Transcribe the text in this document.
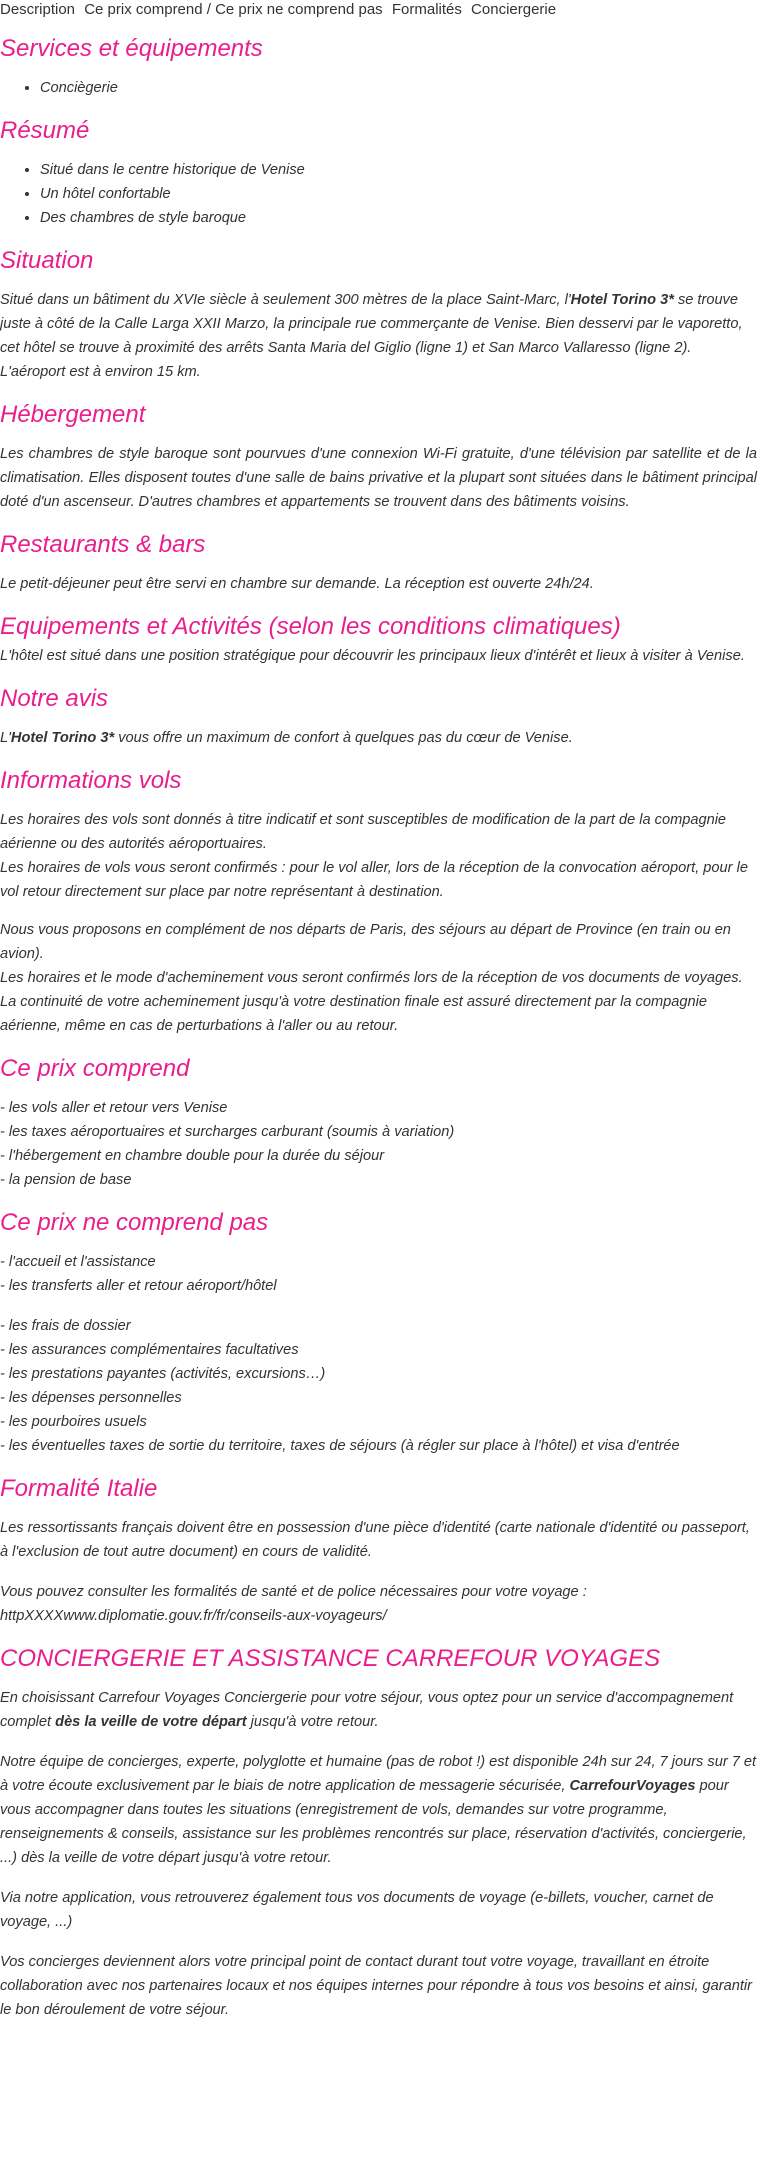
Description Ce prix comprend / Ce prix ne comprend pas Formalités Conciergerie
Services et équipements
• Conciègerie
Résumé
• Situé dans le centre historique de Venise
• Un hôtel confortable
• Des chambres de style baroque
Situation

Situé dans un bâtiment du XVIe siècle à seulement 300 mètres de la place Saint-Marc, l'Hotel Torino 3* se trouve juste à côté de la Calle Larga XXII Marzo, la principale rue commerçante de Venise. Bien desservi par le vaporetto, cet hôtel se trouve à proximité des arrêts Santa Maria del Giglio (ligne 1) et San Marco Vallaresso (ligne 2). L'aéroport est à environ 15 km.

Hébergement

Les chambres de style baroque sont pourvues d'une connexion Wi-Fi gratuite, d'une télévision par satellite et de la climatisation. Elles disposent toutes d'une salle de bains privative et la plupart sont situées dans le bâtiment principal doté d'un ascenseur. D'autres chambres et appartements se trouvent dans des bâtiments voisins.

Restaurants & bars

Le petit-déjeuner peut être servi en chambre sur demande. La réception est ouverte 24h/24.

Equipements et Activités (selon les conditions climatiques)

L'hôtel est situé dans une position stratégique pour découvrir les principaux lieux d'intérêt et lieux à visiter à Venise.

Notre avis

L'Hotel Torino 3* vous offre un maximum de confort à quelques pas du cœur de Venise.

Informations vols

Les horaires des vols sont donnés à titre indicatif et sont susceptibles de modification de la part de la compagnie aérienne ou des autorités aéroportuaires.
Les horaires de vols vous seront confirmés : pour le vol aller, lors de la réception de la convocation aéroport, pour le vol retour directement sur place par notre représentant à destination.

Nous vous proposons en complément de nos départs de Paris, des séjours au départ de Province (en train ou en avion).
Les horaires et le mode d'acheminement vous seront confirmés lors de la réception de vos documents de voyages.
La continuité de votre acheminement jusqu'à votre destination finale est assuré directement par la compagnie aérienne, même en cas de perturbations à l'aller ou au retour.

Ce prix comprend

- les vols aller et retour vers Venise
- les taxes aéroportuaires et surcharges carburant (soumis à variation)
- l'hébergement en chambre double pour la durée du séjour
- la pension de base

Ce prix ne comprend pas

- l'accueil et l'assistance
- les transferts aller et retour aéroport/hôtel

- les frais de dossier
- les assurances complémentaires facultatives
- les prestations payantes (activités, excursions…)
- les dépenses personnelles
- les pourboires usuels
- les éventuelles taxes de sortie du territoire, taxes de séjours (à régler sur place à l'hôtel) et visa d'entrée

Formalité Italie

Les ressortissants français doivent être en possession d'une pièce d'identité (carte nationale d'identité ou passeport, à l'exclusion de tout autre document) en cours de validité.

Vous pouvez consulter les formalités de santé et de police nécessaires pour votre voyage :
httpXXXXwww.diplomatie.gouv.fr/fr/conseils-aux-voyageurs/

CONCIERGERIE ET ASSISTANCE CARREFOUR VOYAGES

En choisissant Carrefour Voyages Conciergerie pour votre séjour, vous optez pour un service d'accompagnement complet dès la veille de votre départ jusqu'à votre retour.

Notre équipe de concierges, experte, polyglotte et humaine (pas de robot !) est disponible 24h sur 24, 7 jours sur 7 et à votre écoute exclusivement par le biais de notre application de messagerie sécurisée, CarrefourVoyages pour vous accompagner dans toutes les situations (enregistrement de vols, demandes sur votre programme, renseignements & conseils, assistance sur les problèmes rencontrés sur place, réservation d'activités, conciergerie, ...) dès la veille de votre départ jusqu'à votre retour.

Via notre application, vous retrouverez également tous vos documents de voyage (e-billets, voucher, carnet de voyage, ...)

Vos concierges deviennent alors votre principal point de contact durant tout votre voyage, travaillant en étroite collaboration avec nos partenaires locaux et nos équipes internes pour répondre à tous vos besoins et ainsi, garantir le bon déroulement de votre séjour.
